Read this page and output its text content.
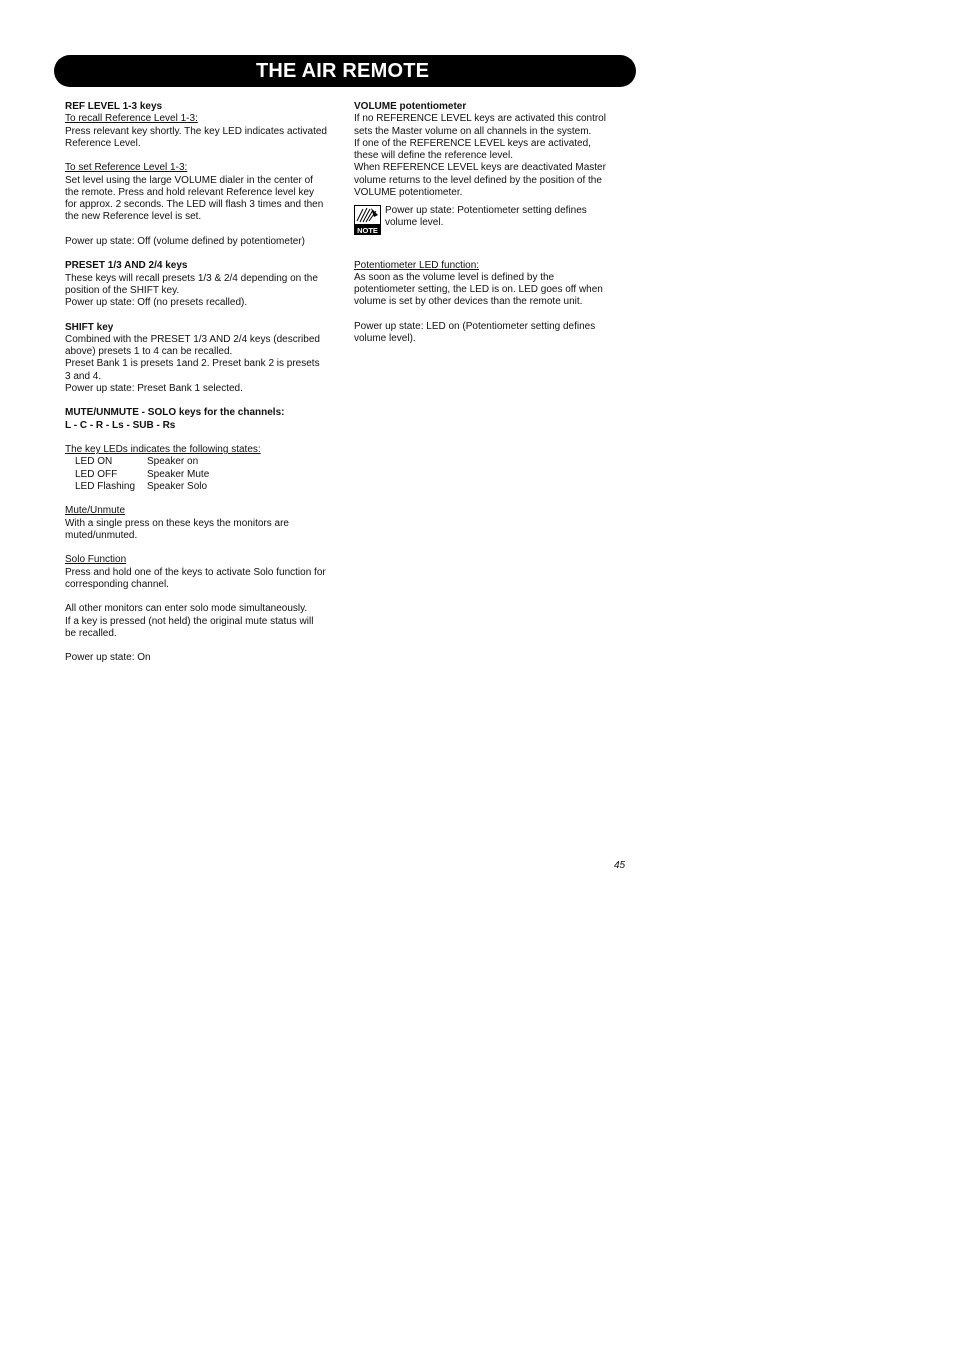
THE AIR REMOTE

REF LEVEL 1-3 keys

To recall Reference Level 1-3:

Press relevant key shortly. The key LED indicates activated

Reference Level.

To set Reference Level 1-3:

Set level using the large VOLUME dialer in the center of

the remote. Press and hold relevant Reference level key

for approx. 2 seconds. The LED will flash 3 times and then

the new Reference level is set.

Power up state: Off (volume defined by potentiometer)

PRESET 1/3 AND 2/4 keys

These keys will recall presets 1/3 & 2/4 depending on the

position of the SHIFT key.

Power up state: Off (no presets recalled).

SHIFT key

Combined with the PRESET 1/3 AND 2/4 keys (described

above) presets 1 to 4 can be recalled.

Preset Bank 1 is presets 1and 2. Preset bank 2 is presets

3 and 4.

Power up state: Preset Bank 1 selected.

MUTE/UNMUTE - SOLO keys for the channels:

L - C - R - Ls - SUB - Rs

The key LEDs indicates the following states:

LED ON	Speaker on
LED OFF	Speaker Mute
LED Flashing	Speaker Solo

Mute/Unmute

With a single press on these keys the monitors are

muted/unmuted.

Solo Function

Press and hold one of the keys to activate Solo function for

corresponding channel.

All other monitors can enter solo mode simultaneously.

If a key is pressed (not held) the original mute status will

be recalled.

Power up state: On

VOLUME potentiometer

If no REFERENCE LEVEL keys are activated this control

sets the Master volume on all channels in the system.

If one of the REFERENCE LEVEL keys are activated,

these will define the reference level.

When REFERENCE LEVEL keys are deactivated Master

volume returns to the level defined by the position of the

VOLUME potentiometer.

NOTE

Power up state: Potentiometer setting defines

volume level.

Potentiometer LED function:

As soon as the volume level is defined by the

potentiometer setting, the LED is on. LED goes off when

volume is set by other devices than the remote unit.

Power up state: LED on (Potentiometer setting defines

volume level).

45
